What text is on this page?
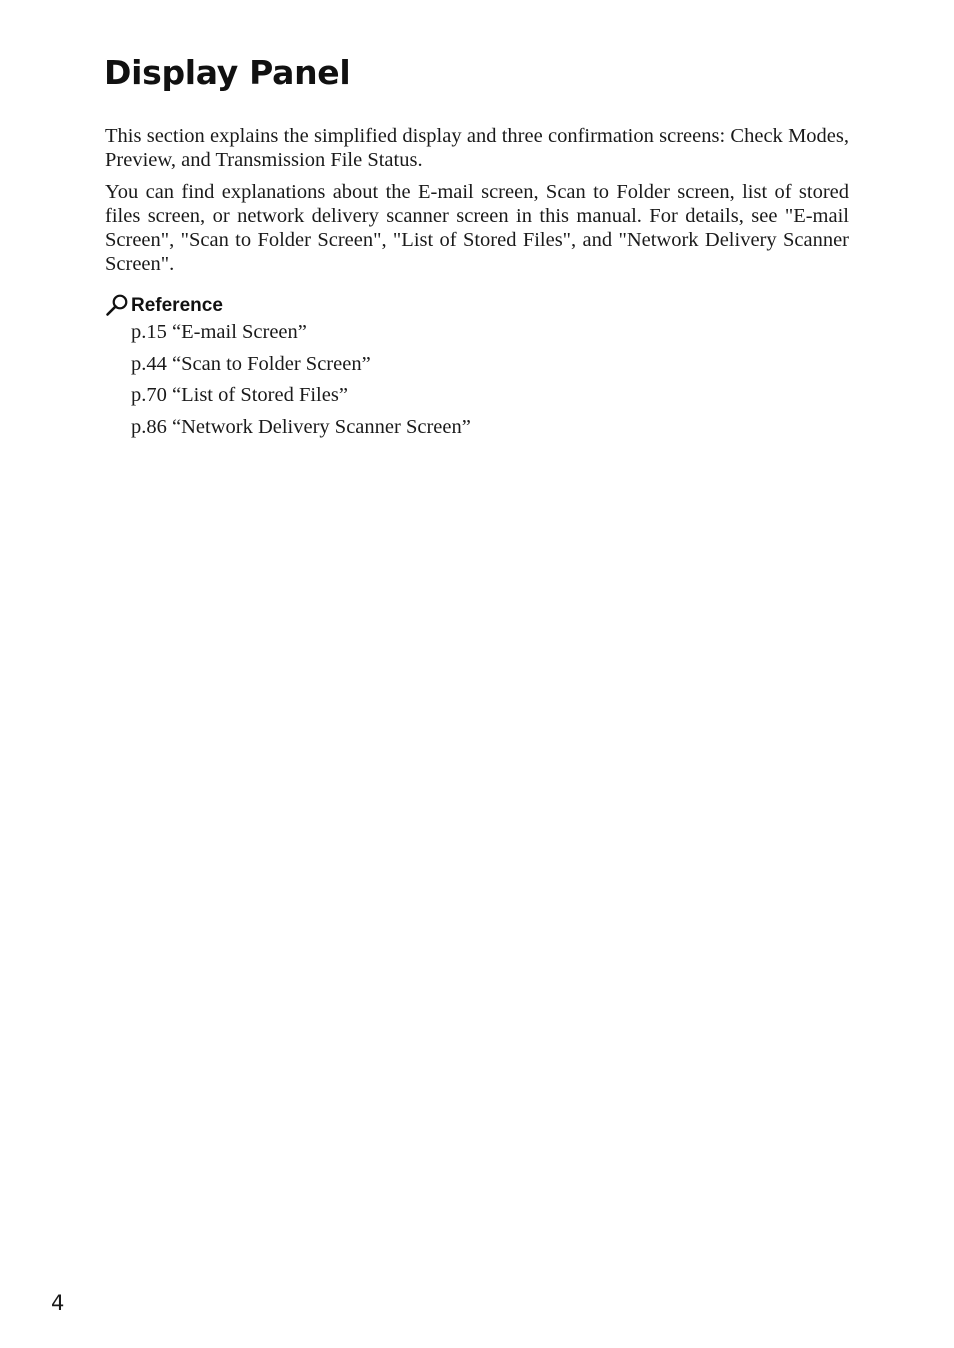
Display Panel

This section explains the simplified display and three confirmation screens: Check Modes, Preview, and Transmission File Status.

You can find explanations about the E-mail screen, Scan to Folder screen, list of stored files screen, or network delivery scanner screen in this manual. For details, see "E-mail Screen", "Scan to Folder Screen", "List of Stored Files", and "Network Delivery Scanner Screen".

Reference
p.15 “E-mail Screen”
p.44 “Scan to Folder Screen”
p.70 “List of Stored Files”
p.86 “Network Delivery Scanner Screen”
4
